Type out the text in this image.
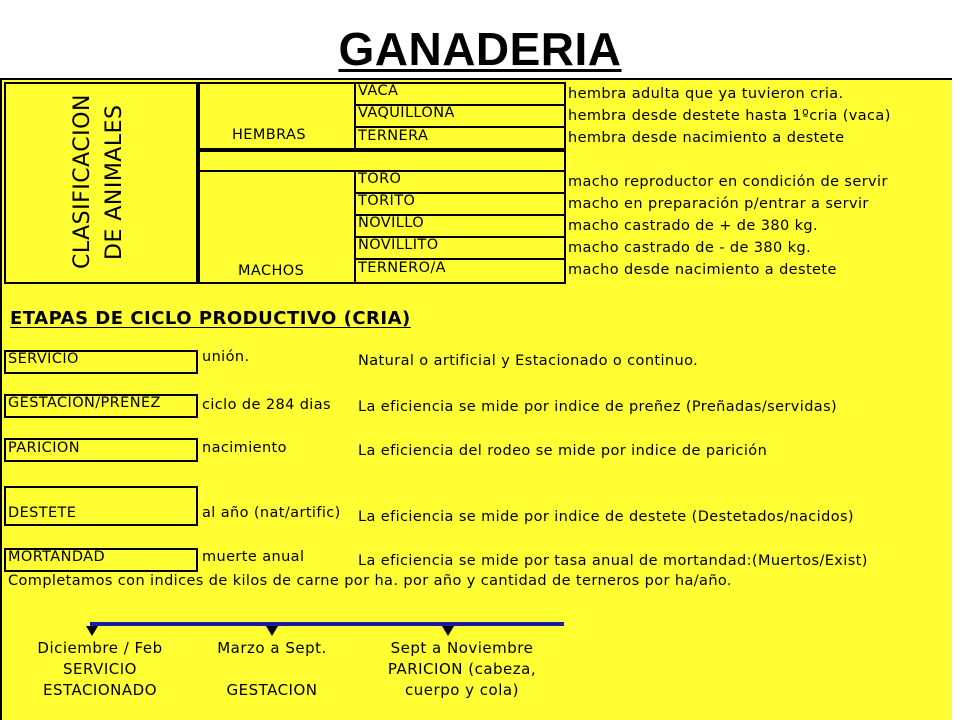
GANADERIA
CLASIFICACION DE ANIMALES	HEMBRAS
VACA
VAQUILLONA
TERNERA
hembra adulta que ya tuvieron cria.
hembra desde destete hasta 1ºcria (vaca)
hembra desde nacimiento a destete
MACHOS
TORO
TORITO
NOVILLO
NOVILLITO
TERNERO/A
macho reproductor en condición de servir
macho en preparación p/entrar a servir
macho castrado de + de 380 kg.
macho castrado de - de 380 kg.
macho desde nacimiento a destete
ETAPAS DE CICLO PRODUCTIVO (CRIA)
SERVICIO
GESTACION/PREÑEZ
PARICION
DESTETE
MORTANDAD
unión.
ciclo de 284 dias
nacimiento
al año (nat/artific)
muerte anual
Natural o artificial y Estacionado o continuo.
La eficiencia se mide por indice de preñez (Preñadas/servidas)
La eficiencia del rodeo se mide por indice de parición
La eficiencia se mide por indice de destete (Destetados/nacidos)
La eficiencia se mide por tasa anual de mortandad:(Muertos/Exist)
Completamos con indices de kilos de carne por ha. por año y cantidad de terneros por ha/año.
Diciembre / Feb
SERVICIO
ESTACIONADO
Marzo a Sept.

GESTACION
Sept a Noviembre
PARICION (cabeza,
cuerpo y cola)
